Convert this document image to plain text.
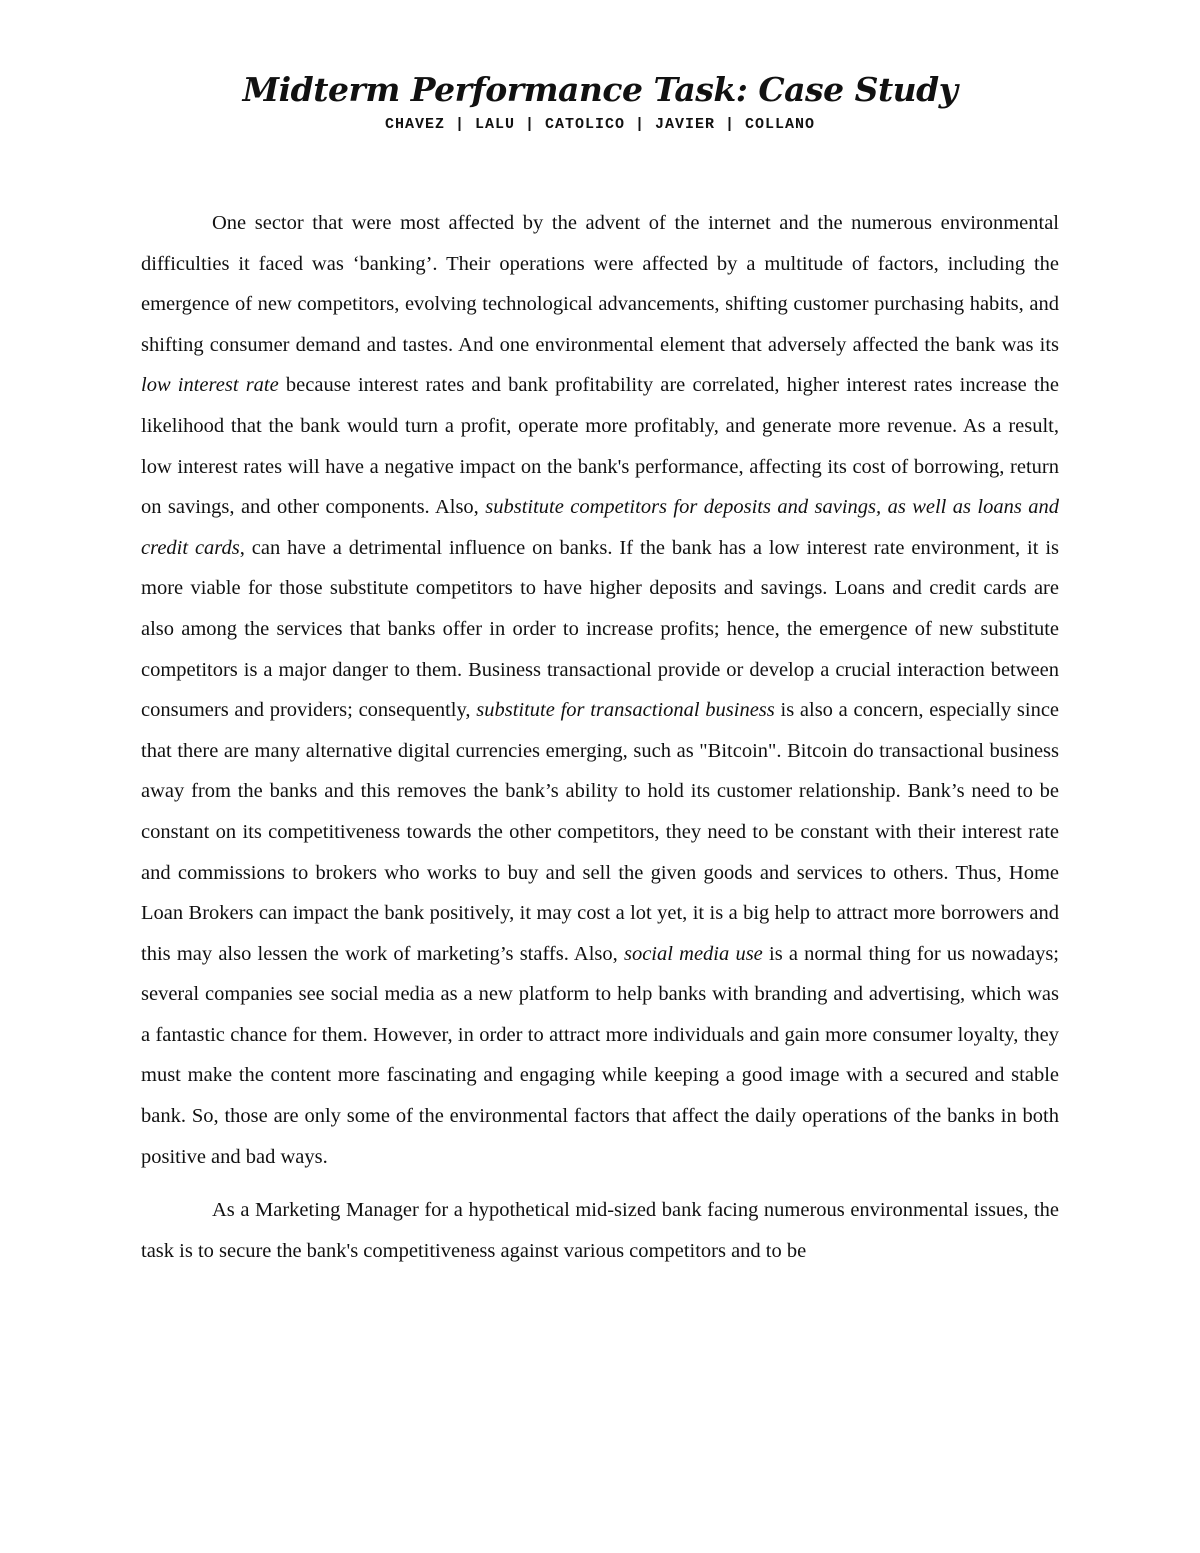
Midterm Performance Task: Case Study
CHAVEZ | LALU | CATOLICO | JAVIER | COLLANO

One sector that were most affected by the advent of the internet and the numerous environmental difficulties it faced was ‘banking’. Their operations were affected by a multitude of factors, including the emergence of new competitors, evolving technological advancements, shifting customer purchasing habits, and shifting consumer demand and tastes. And one environmental element that adversely affected the bank was its low interest rate because interest rates and bank profitability are correlated, higher interest rates increase the likelihood that the bank would turn a profit, operate more profitably, and generate more revenue. As a result, low interest rates will have a negative impact on the bank's performance, affecting its cost of borrowing, return on savings, and other components. Also, substitute competitors for deposits and savings, as well as loans and credit cards, can have a detrimental influence on banks. If the bank has a low interest rate environment, it is more viable for those substitute competitors to have higher deposits and savings. Loans and credit cards are also among the services that banks offer in order to increase profits; hence, the emergence of new substitute competitors is a major danger to them. Business transactional provide or develop a crucial interaction between consumers and providers; consequently, substitute for transactional business is also a concern, especially since that there are many alternative digital currencies emerging, such as "Bitcoin". Bitcoin do transactional business away from the banks and this removes the bank’s ability to hold its customer relationship. Bank’s need to be constant on its competitiveness towards the other competitors, they need to be constant with their interest rate and commissions to brokers who works to buy and sell the given goods and services to others. Thus, Home Loan Brokers can impact the bank positively, it may cost a lot yet, it is a big help to attract more borrowers and this may also lessen the work of marketing’s staffs. Also, social media use is a normal thing for us nowadays; several companies see social media as a new platform to help banks with branding and advertising, which was a fantastic chance for them. However, in order to attract more individuals and gain more consumer loyalty, they must make the content more fascinating and engaging while keeping a good image with a secured and stable bank. So, those are only some of the environmental factors that affect the daily operations of the banks in both positive and bad ways.

As a Marketing Manager for a hypothetical mid-sized bank facing numerous environmental issues, the task is to secure the bank's competitiveness against various competitors and to be
